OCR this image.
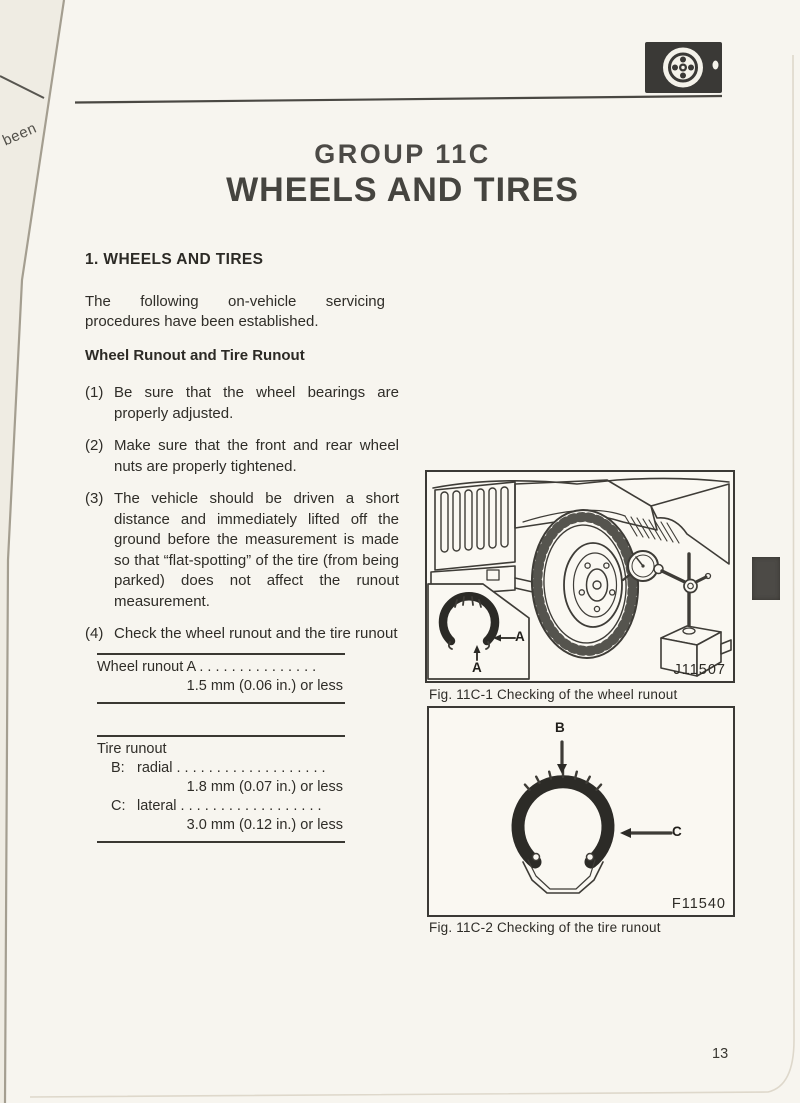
been
GROUP 11C
WHEELS AND TIRES
1. WHEELS AND TIRES

The following on-vehicle servicing procedures have been established.

Wheel Runout and Tire Runout
(1) Be sure that the wheel bearings are properly adjusted.
(2) Make sure that the front and rear wheel nuts are properly tightened.
(3) The vehicle should be driven a short distance and immediately lifted off the ground before the measurement is made so that “flat-spotting” of the tire (from being parked) does not affect the runout measurement.
(4) Check the wheel runout and the tire runout
Wheel runout A . . . . . . . . . . . . . . .
1.5 mm (0.06 in.) or less
Tire runout
B: radial . . . . . . . . . . . . . . . . . . .
1.8 mm (0.07 in.) or less
C: lateral . . . . . . . . . . . . . . . . . .
3.0 mm (0.12 in.) or less
A
A	J11507
Fig. 11C-1 Checking of the wheel runout
B
C
F11540
Fig. 11C-2 Checking of the tire runout
13
